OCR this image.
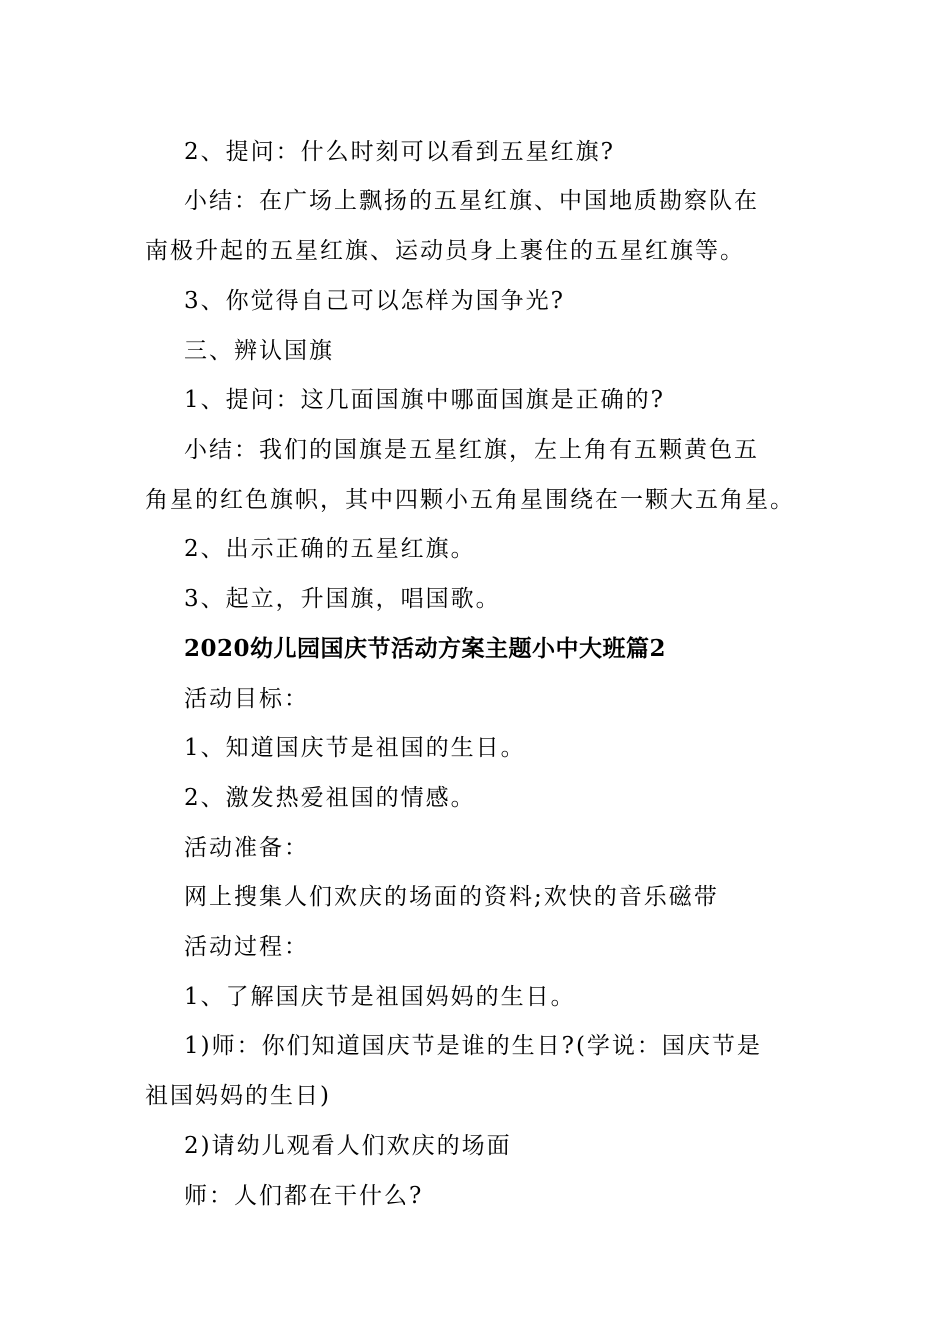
2、提问：什么时刻可以看到五星红旗?
小结：在广场上飘扬的五星红旗、中国地质勘察队在
南极升起的五星红旗、运动员身上裹住的五星红旗等。
3、你觉得自己可以怎样为国争光?
三、辨认国旗
1、提问：这几面国旗中哪面国旗是正确的?
小结：我们的国旗是五星红旗，左上角有五颗黄色五
角星的红色旗帜，其中四颗小五角星围绕在一颗大五角星。
2、出示正确的五星红旗。
3、起立，升国旗，唱国歌。
2020幼儿园国庆节活动方案主题小中大班篇2
活动目标：
1、知道国庆节是祖国的生日。
2、激发热爱祖国的情感。
活动准备：
网上搜集人们欢庆的场面的资料;欢快的音乐磁带
活动过程：
1、了解国庆节是祖国妈妈的生日。
1)师：你们知道国庆节是谁的生日?(学说：国庆节是
祖国妈妈的生日)
2)请幼儿观看人们欢庆的场面
师：人们都在干什么?
